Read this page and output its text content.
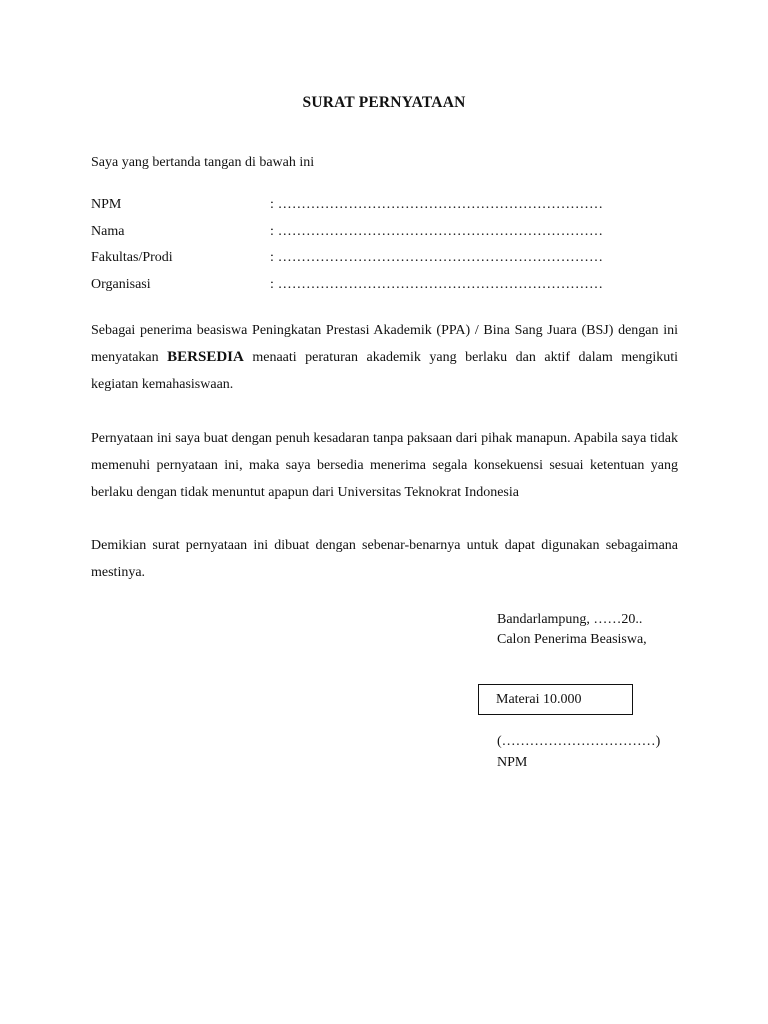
SURAT PERNYATAAN
Saya yang bertanda tangan di bawah ini
NPM	: ……………………………………………………………
Nama	: ……………………………………………………………
Fakultas/Prodi	: ……………………………………………………………
Organisasi	: ……………………………………………………………
Sebagai penerima beasiswa Peningkatan Prestasi Akademik (PPA) / Bina Sang Juara (BSJ) dengan ini menyatakan BERSEDIA menaati peraturan akademik yang berlaku dan aktif dalam mengikuti kegiatan kemahasiswaan.
Pernyataan ini saya buat dengan penuh kesadaran tanpa paksaan dari pihak manapun. Apabila saya tidak memenuhi pernyataan ini, maka saya bersedia menerima segala konsekuensi sesuai ketentuan yang berlaku dengan tidak menuntut apapun dari Universitas Teknokrat Indonesia
Demikian surat pernyataan ini dibuat dengan sebenar-benarnya untuk dapat digunakan sebagaimana mestinya.
Bandarlampung, ……20..
Calon Penerima Beasiswa,
Materai 10.000
(……………………………)
NPM
